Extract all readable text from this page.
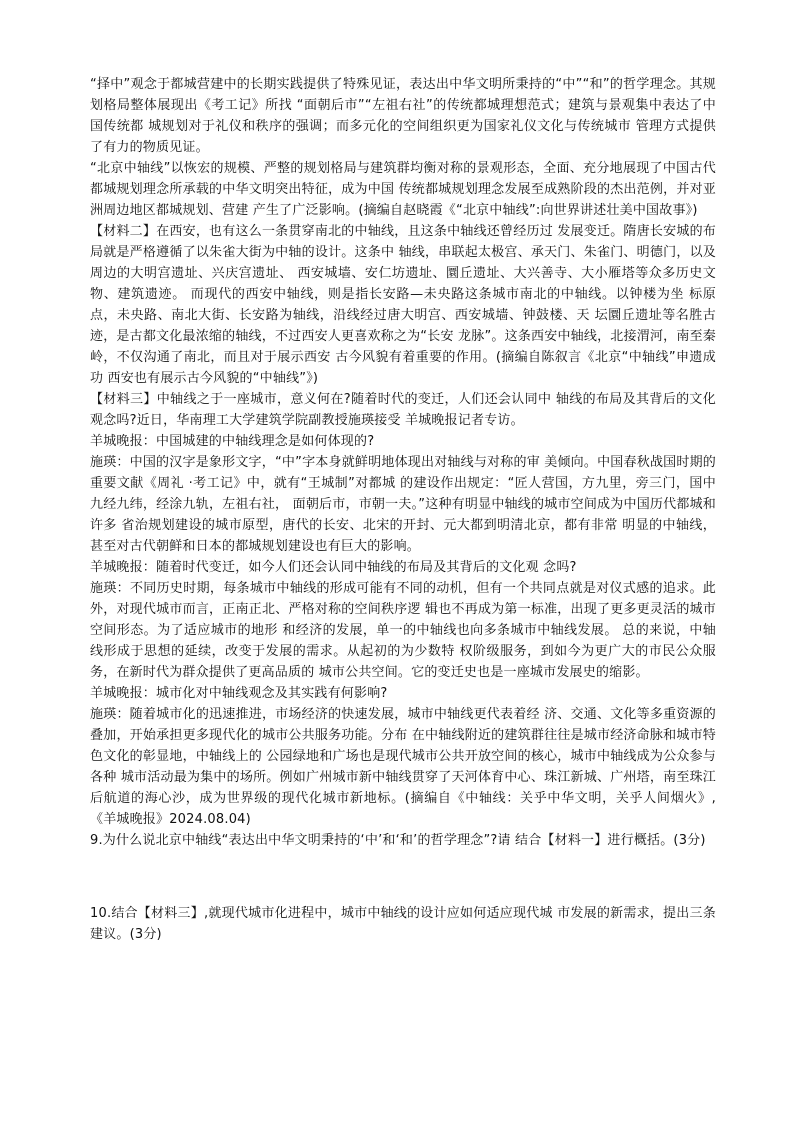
“择中”观念于都城营建中的长期实践提供了特殊见证，表达出中华文明所秉持的“中”“和”的哲学理念。其规划格局整体展现出《考工记》所找 “面朝后市”“左祖右社”的传统都城理想范式；建筑与景观集中表达了中国传统都 城规划对于礼仪和秩序的强调；而多元化的空间组织更为国家礼仪文化与传统城市 管理方式提供了有力的物质见证。

“北京中轴线”以恢宏的规模、严整的规划格局与建筑群均衡对称的景观形态，全面、充分地展现了中国古代都城规划理念所承载的中华文明突出特征，成为中国 传统都城规划理念发展至成熟阶段的杰出范例，并对亚洲周边地区都城规划、营建 产生了广泛影响。(摘编自赵晓霞《“北京中轴线”:向世界讲述壮美中国故事》)

【材料二】在西安，也有这么一条贯穿南北的中轴线，且这条中轴线还曾经历过 发展变迁。隋唐长安城的布局就是严格遵循了以朱雀大街为中轴的设计。这条中 轴线，串联起太极宫、承天门、朱雀门、明德门，以及周边的大明宫遗址、兴庆宫遗址、 西安城墙、安仁坊遗址、圜丘遗址、大兴善寺、大小雁塔等众多历史文物、建筑遗迹。 而现代的西安中轴线，则是指长安路—未央路这条城市南北的中轴线。以钟楼为坐 标原点，未央路、南北大街、长安路为轴线，沿线经过唐大明宫、西安城墙、钟鼓楼、天 坛圜丘遗址等名胜古迹，是古都文化最浓缩的轴线，不过西安人更喜欢称之为“长安 龙脉”。这条西安中轴线，北接渭河，南至秦岭，不仅沟通了南北，而且对于展示西安 古今风貌有着重要的作用。(摘编自陈叙言《北京“中轴线”申遗成功 西安也有展示古今风貌的“中轴线”》)

【材料三】中轴线之于一座城市，意义何在?随着时代的变迁，人们还会认同中 轴线的布局及其背后的文化观念吗?近日，华南理工大学建筑学院副教授施瑛接受 羊城晚报记者专访。

羊城晚报：中国城建的中轴线理念是如何体现的?

施瑛：中国的汉字是象形文字，“中”字本身就鲜明地体现出对轴线与对称的审 美倾向。中国春秋战国时期的重要文献《周礼 ·考工记》中，就有“王城制”对都城 的建设作出规定：“匠人营国，方九里，旁三门，国中九经九纬，经涂九轨，左祖右社， 面朝后市，市朝一夫。”这种有明显中轴线的城市空间成为中国历代都城和许多 省治规划建设的城市原型，唐代的长安、北宋的开封、元大都到明清北京，都有非常 明显的中轴线，甚至对古代朝鲜和日本的都城规划建设也有巨大的影响。

羊城晚报：随着时代变迁，如今人们还会认同中轴线的布局及其背后的文化观 念吗?

施瑛：不同历史时期，每条城市中轴线的形成可能有不同的动机，但有一个共同点就是对仪式感的追求。此外，对现代城市而言，正南正北、严格对称的空间秩序逻 辑也不再成为第一标准，出现了更多更灵活的城市空间形态。为了适应城市的地形 和经济的发展，单一的中轴线也向多条城市中轴线发展。 总的来说，中轴线形成于思想的延续，改变于发展的需求。从起初的为少数特 权阶级服务，到如今为更广大的市民公众服务，在新时代为群众提供了更高品质的 城市公共空间。它的变迁史也是一座城市发展史的缩影。

羊城晚报：城市化对中轴线观念及其实践有何影响?

施瑛：随着城市化的迅速推进，市场经济的快速发展，城市中轴线更代表着经 济、交通、文化等多重资源的叠加，开始承担更多现代化的城市公共服务功能。分布 在中轴线附近的建筑群往往是城市经济命脉和城市特色文化的彰显地，中轴线上的 公园绿地和广场也是现代城市公共开放空间的核心，城市中轴线成为公众参与各种 城市活动最为集中的场所。例如广州城市新中轴线贯穿了天河体育中心、珠江新城、广州塔，南至珠江后航道的海心沙，成为世界级的现代化城市新地标。(摘编自《中轴线：关乎中华文明，关乎人间烟火》,《羊城晚报》2024.08.04)

9.为什么说北京中轴线“表达出中华文明秉持的‘中’和‘和’的哲学理念”?请 结合【材料一】进行概括。(3分)

10.结合【材料三】,就现代城市化进程中，城市中轴线的设计应如何适应现代城 市发展的新需求，提出三条建议。(3分)
